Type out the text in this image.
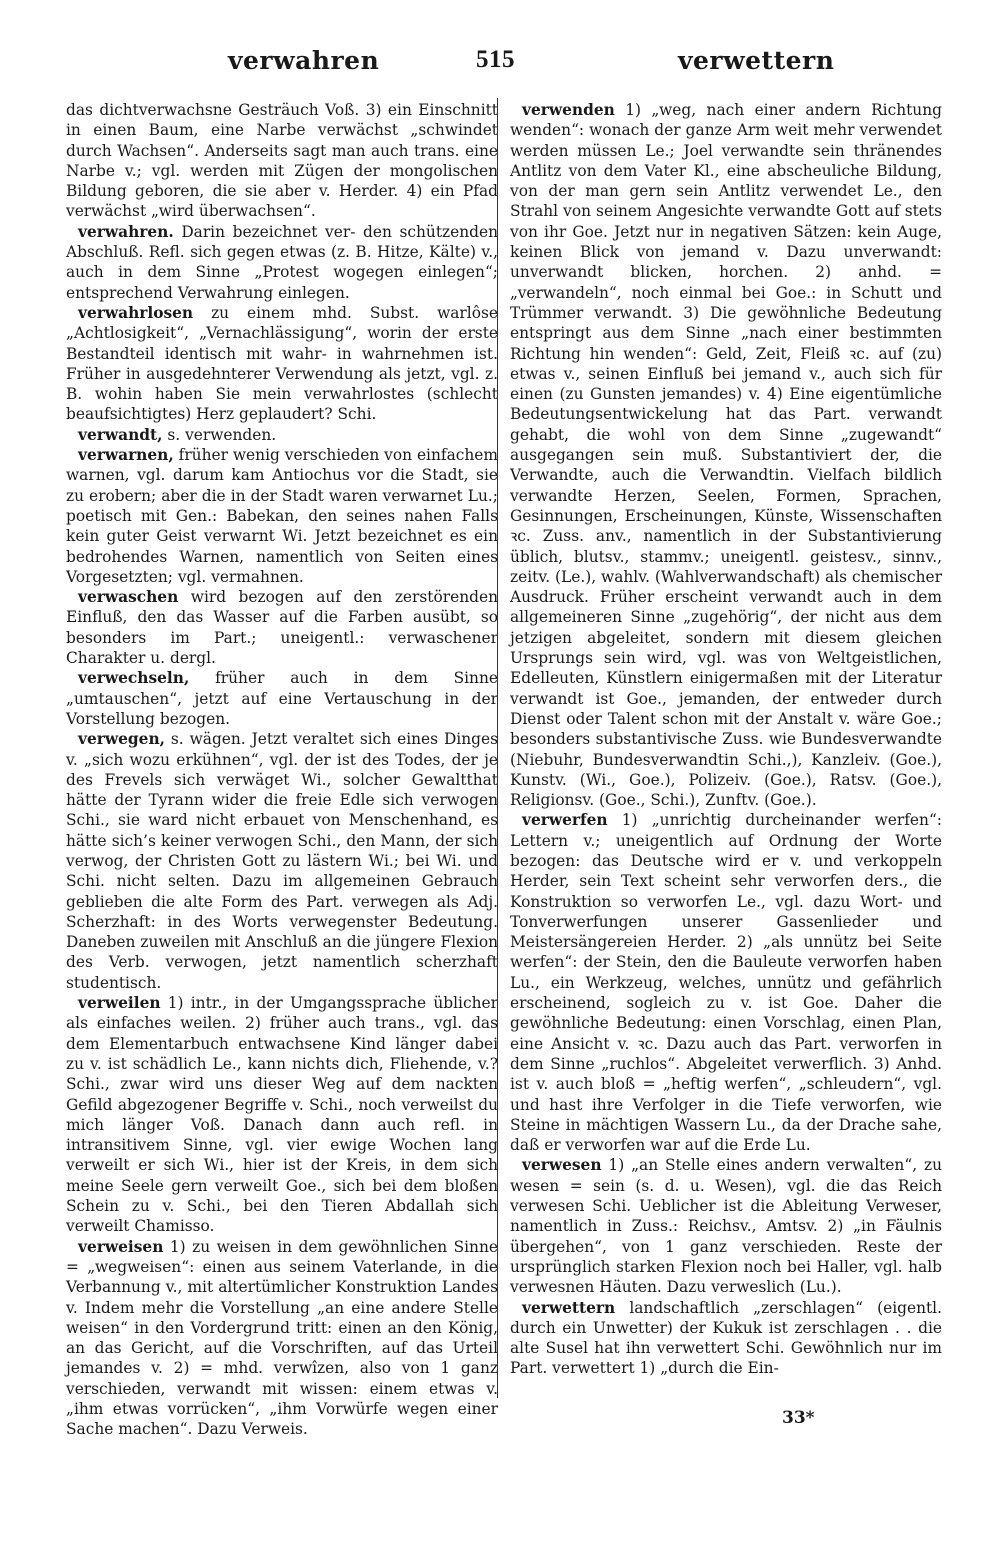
verwahren	515	verwettern

das dichtverwachsne Gesträuch Voß. 3) ein Einschnitt in einen Baum, eine Narbe verwächst „schwindet durch Wachsen“. Anderseits sagt man auch trans. eine Narbe v.; vgl. werden mit Zügen der mongolischen Bildung geboren, die sie aber v. Herder. 4) ein Pfad verwächst „wird überwachsen“.

verwahren. Darin bezeichnet ver- den schützenden Abschluß. Refl. sich gegen etwas (z. B. Hitze, Kälte) v., auch in dem Sinne „Protest wogegen einlegen“; entsprechend Verwahrung einlegen.

verwahrlosen zu einem mhd. Subst. warlôse „Achtlosigkeit“, „Vernachlässigung“, worin der erste Bestandteil identisch mit wahr- in wahrnehmen ist. Früher in ausgedehnterer Verwendung als jetzt, vgl. z. B. wohin haben Sie mein verwahrlostes (schlecht beaufsichtigtes) Herz geplaudert? Schi.

verwandt, s. verwenden.

verwarnen, früher wenig verschieden von einfachem warnen, vgl. darum kam Antiochus vor die Stadt, sie zu erobern; aber die in der Stadt waren verwarnet Lu.; poetisch mit Gen.: Babekan, den seines nahen Falls kein guter Geist verwarnt Wi. Jetzt bezeichnet es ein bedrohendes Warnen, namentlich von Seiten eines Vorgesetzten; vgl. vermahnen.

verwaschen wird bezogen auf den zerstörenden Einfluß, den das Wasser auf die Farben ausübt, so besonders im Part.; uneigentl.: verwaschener Charakter u. dergl.

verwechseln, früher auch in dem Sinne „umtauschen“, jetzt auf eine Vertauschung in der Vorstellung bezogen.

verwegen, s. wägen. Jetzt veraltet sich eines Dinges v. „sich wozu erkühnen“, vgl. der ist des Todes, der je des Frevels sich verwäget Wi., solcher Gewaltthat hätte der Tyrann wider die freie Edle sich verwogen Schi., sie ward nicht erbauet von Menschenhand, es hätte sich’s keiner verwogen Schi., den Mann, der sich verwog, der Christen Gott zu lästern Wi.; bei Wi. und Schi. nicht selten. Dazu im allgemeinen Gebrauch geblieben die alte Form des Part. verwegen als Adj. Scherzhaft: in des Worts verwegenster Bedeutung. Daneben zuweilen mit Anschluß an die jüngere Flexion des Verb. verwogen, jetzt namentlich scherzhaft studentisch.

verweilen 1) intr., in der Umgangssprache üblicher als einfaches weilen. 2) früher auch trans., vgl. das dem Elementarbuch entwachsene Kind länger dabei zu v. ist schädlich Le., kann nichts dich, Fliehende, v.? Schi., zwar wird uns dieser Weg auf dem nackten Gefild abgezogener Begriffe v. Schi., noch verweilst du mich länger Voß. Danach dann auch refl. in intransitivem Sinne, vgl. vier ewige Wochen lang verweilt er sich Wi., hier ist der Kreis, in dem sich meine Seele gern verweilt Goe., sich bei dem bloßen Schein zu v. Schi., bei den Tieren Abdallah sich verweilt Chamisso.

verweisen 1) zu weisen in dem gewöhnlichen Sinne = „wegweisen“: einen aus seinem Vaterlande, in die Verbannung v., mit altertümlicher Konstruktion Landes v. Indem mehr die Vorstellung „an eine andere Stelle weisen“ in den Vordergrund tritt: einen an den König, an das Gericht, auf die Vorschriften, auf das Urteil jemandes v. 2) = mhd. verwîzen, also von 1 ganz verschieden, verwandt mit wissen: einem etwas v. „ihm etwas vorrücken“, „ihm Vorwürfe wegen einer Sache machen“. Dazu Verweis.

verwenden 1) „weg, nach einer andern Richtung wenden“: wonach der ganze Arm weit mehr verwendet werden müssen Le.; Joel verwandte sein thränendes Antlitz von dem Vater Kl., eine abscheuliche Bildung, von der man gern sein Antlitz verwendet Le., den Strahl von seinem Angesichte verwandte Gott auf stets von ihr Goe. Jetzt nur in negativen Sätzen: kein Auge, keinen Blick von jemand v. Dazu unverwandt: unverwandt blicken, horchen. 2) anhd. = „verwandeln“, noch einmal bei Goe.: in Schutt und Trümmer verwandt. 3) Die gewöhnliche Bedeutung entspringt aus dem Sinne „nach einer bestimmten Richtung hin wenden“: Geld, Zeit, Fleiß ꝛc. auf (zu) etwas v., seinen Einfluß bei jemand v., auch sich für einen (zu Gunsten jemandes) v. 4) Eine eigentümliche Bedeutungsentwickelung hat das Part. verwandt gehabt, die wohl von dem Sinne „zugewandt“ ausgegangen sein muß. Substantiviert der, die Verwandte, auch die Verwandtin. Vielfach bildlich verwandte Herzen, Seelen, Formen, Sprachen, Gesinnungen, Erscheinungen, Künste, Wissenschaften ꝛc. Zuss. anv., namentlich in der Substantivierung üblich, blutsv., stammv.; uneigentl. geistesv., sinnv., zeitv. (Le.), wahlv. (Wahlverwandschaft) als chemischer Ausdruck. Früher erscheint verwandt auch in dem allgemeineren Sinne „zugehörig“, der nicht aus dem jetzigen abgeleitet, sondern mit diesem gleichen Ursprungs sein wird, vgl. was von Weltgeistlichen, Edelleuten, Künstlern einigermaßen mit der Literatur verwandt ist Goe., jemanden, der entweder durch Dienst oder Talent schon mit der Anstalt v. wäre Goe.; besonders substantivische Zuss. wie Bundesverwandte (Niebuhr, Bundesverwandtin Schi.,), Kanzleiv. (Goe.), Kunstv. (Wi., Goe.), Polizeiv. (Goe.), Ratsv. (Goe.), Religionsv. (Goe., Schi.), Zunftv. (Goe.).

verwerfen 1) „unrichtig durcheinander werfen“: Lettern v.; uneigentlich auf Ordnung der Worte bezogen: das Deutsche wird er v. und verkoppeln Herder, sein Text scheint sehr verworfen ders., die Konstruktion so verworfen Le., vgl. dazu Wort- und Tonverwerfungen unserer Gassenlieder und Meistersängereien Herder. 2) „als unnütz bei Seite werfen“: der Stein, den die Bauleute verworfen haben Lu., ein Werkzeug, welches, unnütz und gefährlich erscheinend, sogleich zu v. ist Goe. Daher die gewöhnliche Bedeutung: einen Vorschlag, einen Plan, eine Ansicht v. ꝛc. Dazu auch das Part. verworfen in dem Sinne „ruchlos“. Abgeleitet verwerflich. 3) Anhd. ist v. auch bloß = „heftig werfen“, „schleudern“, vgl. und hast ihre Verfolger in die Tiefe verworfen, wie Steine in mächtigen Wassern Lu., da der Drache sahe, daß er verworfen war auf die Erde Lu.

verwesen 1) „an Stelle eines andern verwalten“, zu wesen = sein (s. d. u. Wesen), vgl. die das Reich verwesen Schi. Ueblicher ist die Ableitung Verweser, namentlich in Zuss.: Reichsv., Amtsv. 2) „in Fäulnis übergehen“, von 1 ganz verschieden. Reste der ursprünglich starken Flexion noch bei Haller, vgl. halb verwesnen Häuten. Dazu verweslich (Lu.).

verwettern landschaftlich „zerschlagen“ (eigentl. durch ein Unwetter) der Kukuk ist zerschlagen . . die alte Susel hat ihn verwettert Schi. Gewöhnlich nur im Part. verwettert 1) „durch die Ein-

33*
